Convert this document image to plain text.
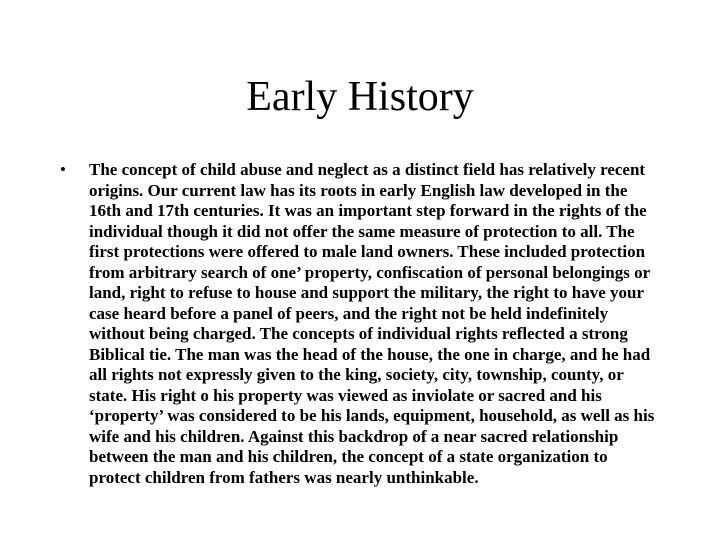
Early History
• The concept of child abuse and neglect as a distinct field has relatively recent origins. Our current law has its roots in early English law developed in the 16th and 17th centuries. It was an important step forward in the rights of the individual though it did not offer the same measure of protection to all. The first protections were offered to male land owners. These included protection from arbitrary search of one’ property, confiscation of personal belongings or land, right to refuse to house and support the military, the right to have your case heard before a panel of peers, and the right not be held indefinitely without being charged. The concepts of individual rights reflected a strong Biblical tie. The man was the head of the house, the one in charge, and he had all rights not expressly given to the king, society, city, township, county, or state. His right o his property was viewed as inviolate or sacred and his ‘property’ was considered to be his lands, equipment, household, as well as his wife and his children. Against this backdrop of a near sacred relationship between the man and his children, the concept of a state organization to protect children from fathers was nearly unthinkable.
